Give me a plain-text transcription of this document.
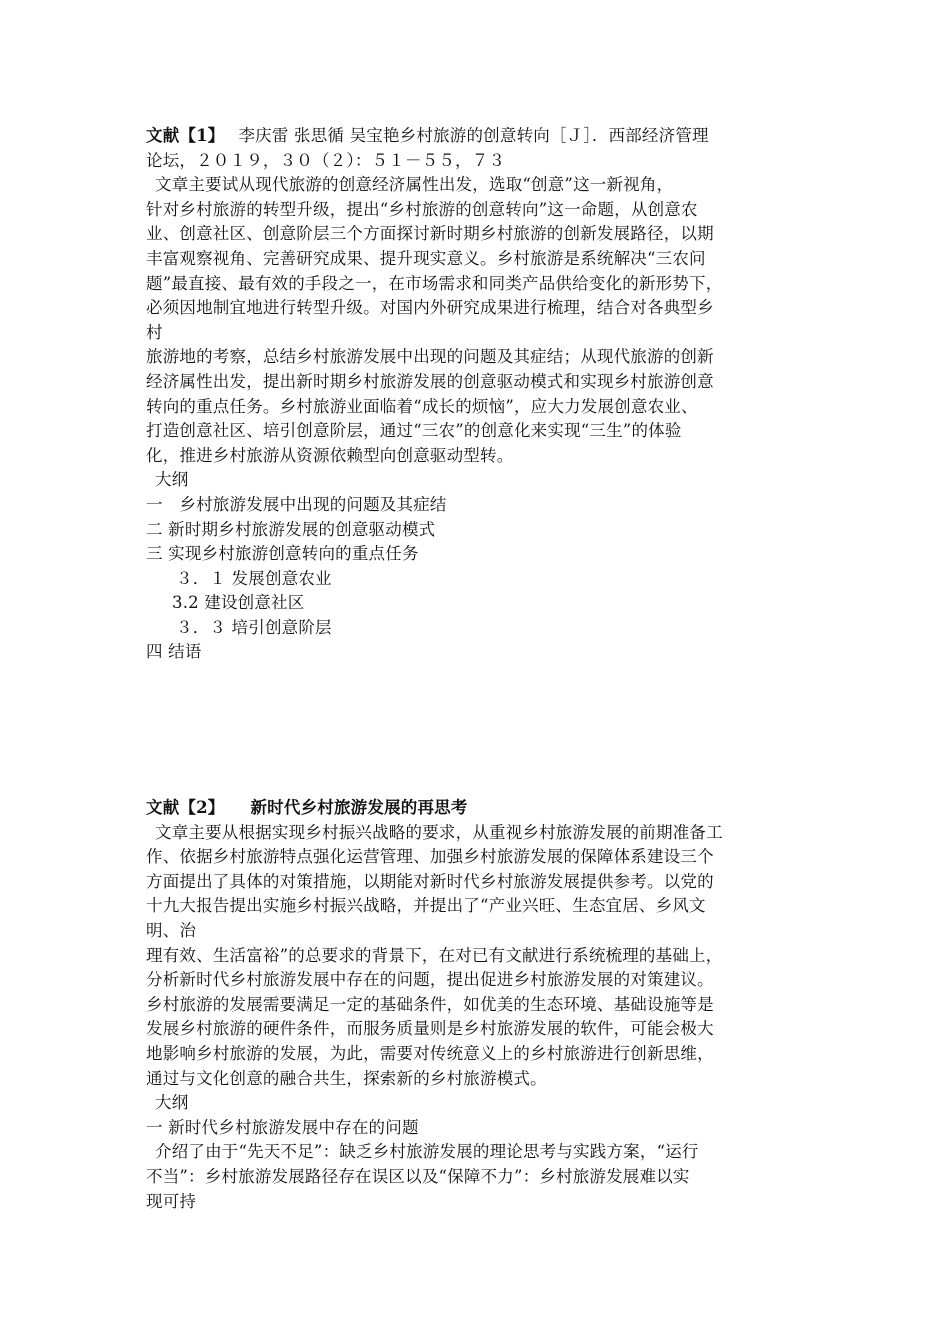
文献【1】 李庆雷 张思循 吴宝艳乡村旅游的创意转向［Ｊ］．西部经济管理
论坛，２０１９，３０（２）：５１－５５，７３
文章主要试从现代旅游的创意经济属性出发，选取“创意”这一新视角，
针对乡村旅游的转型升级，提出“乡村旅游的创意转向”这一命题，从创意农
业、创意社区、创意阶层三个方面探讨新时期乡村旅游的创新发展路径，以期
丰富观察视角、完善研究成果、提升现实意义。乡村旅游是系统解决“三农问
题”最直接、最有效的手段之一，在市场需求和同类产品供给变化的新形势下，
必须因地制宜地进行转型升级。对国内外研究成果进行梳理，结合对各典型乡
村
旅游地的考察，总结乡村旅游发展中出现的问题及其症结；从现代旅游的创新
经济属性出发，提出新时期乡村旅游发展的创意驱动模式和实现乡村旅游创意
转向的重点任务。乡村旅游业面临着“成长的烦恼”，应大力发展创意农业、
打造创意社区、培引创意阶层，通过“三农”的创意化来实现“三生”的体验
化，推进乡村旅游从资源依赖型向创意驱动型转。
大纲
一　乡村旅游发展中出现的问题及其症结
二 新时期乡村旅游发展的创意驱动模式
三 实现乡村旅游创意转向的重点任务
３．１ 发展创意农业
3.2 建设创意社区
３．３ 培引创意阶层
四 结语
文献【2】 新时代乡村旅游发展的再思考
文章主要从根据实现乡村振兴战略的要求，从重视乡村旅游发展的前期准备工
作、依据乡村旅游特点强化运营管理、加强乡村旅游发展的保障体系建设三个
方面提出了具体的对策措施，以期能对新时代乡村旅游发展提供参考。以党的
十九大报告提出实施乡村振兴战略，并提出了“产业兴旺、生态宜居、乡风文
明、治
理有效、生活富裕”的总要求的背景下，在对已有文献进行系统梳理的基础上，
分析新时代乡村旅游发展中存在的问题，提出促进乡村旅游发展的对策建议。
乡村旅游的发展需要满足一定的基础条件，如优美的生态环境、基础设施等是
发展乡村旅游的硬件条件，而服务质量则是乡村旅游发展的软件，可能会极大
地影响乡村旅游的发展，为此，需要对传统意义上的乡村旅游进行创新思维，
通过与文化创意的融合共生，探索新的乡村旅游模式。
大纲
一 新时代乡村旅游发展中存在的问题
介绍了由于“先天不足”：缺乏乡村旅游发展的理论思考与实践方案，“运行
不当”：乡村旅游发展路径存在误区以及“保障不力”：乡村旅游发展难以实
现可持
